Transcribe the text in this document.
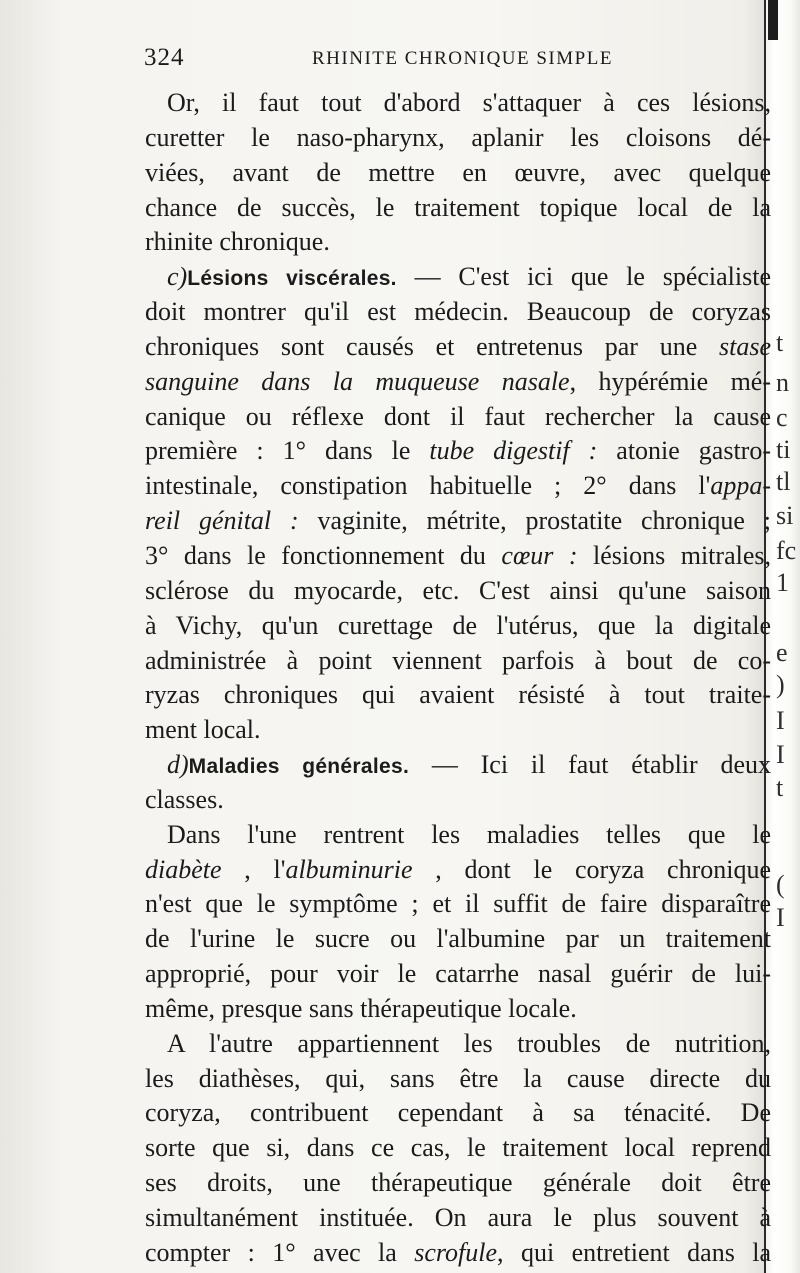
t
n
c
ti
tl
si
fc
1
e
)
I
I
t
(
I
324	RHINITE CHRONIQUE SIMPLE
Or, il faut tout d'abord s'attaquer à ces lésions,
curetter le naso-pharynx, aplanir les cloisons dé-
viées, avant de mettre en œuvre, avec quelque
chance de succès, le traitement topique local de la
rhinite chronique.
c)Lésions viscérales. — C'est ici que le spécialiste
doit montrer qu'il est médecin. Beaucoup de coryzas
chroniques sont causés et entretenus par une stase
sanguine dans la muqueuse nasale, hypérémie mé-
canique ou réflexe dont il faut rechercher la cause
première : 1° dans le tube digestif : atonie gastro-
intestinale, constipation habituelle ; 2° dans l'appa-
reil génital : vaginite, métrite, prostatite chronique ;
3° dans le fonctionnement du cœur : lésions mitrales,
sclérose du myocarde, etc. C'est ainsi qu'une saison
à Vichy, qu'un curettage de l'utérus, que la digitale
administrée à point viennent parfois à bout de co-
ryzas chroniques qui avaient résisté à tout traite-
ment local.
d)Maladies générales. — Ici il faut établir deux
classes.
Dans l'une rentrent les maladies telles que le
diabète , l'albuminurie , dont le coryza chronique
n'est que le symptôme ; et il suffit de faire disparaître
de l'urine le sucre ou l'albumine par un traitement
approprié, pour voir le catarrhe nasal guérir de lui-
même, presque sans thérapeutique locale.
A l'autre appartiennent les troubles de nutrition,
les diathèses, qui, sans être la cause directe du
coryza, contribuent cependant à sa ténacité. De
sorte que si, dans ce cas, le traitement local reprend
ses droits, une thérapeutique générale doit être
simultanément instituée. On aura le plus souvent à
compter : 1° avec la scrofule, qui entretient dans la
